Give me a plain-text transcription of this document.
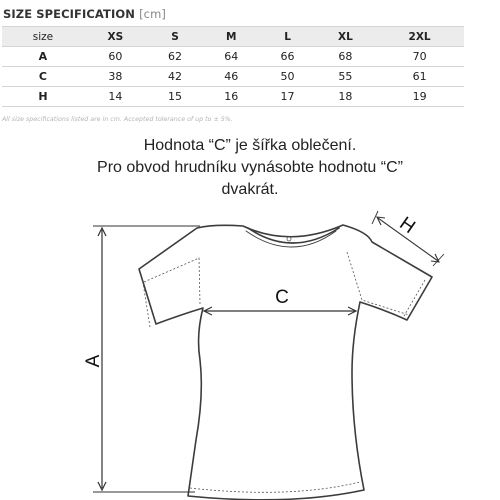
SIZE SPECIFICATION [cm]
size	XS	S	M	L	XL	2XL
A	60	62	64	66	68	70
C	38	42	46	50	55	61
H	14	15	16	17	18	19
All size specifications listed are in cm. Accepted tolerance of up to ± 5%.
Hodnota “C” je šířka oblečení.
Pro obvod hrudníku vynásobte hodnotu “C”
dvakrát.
A
C
H
